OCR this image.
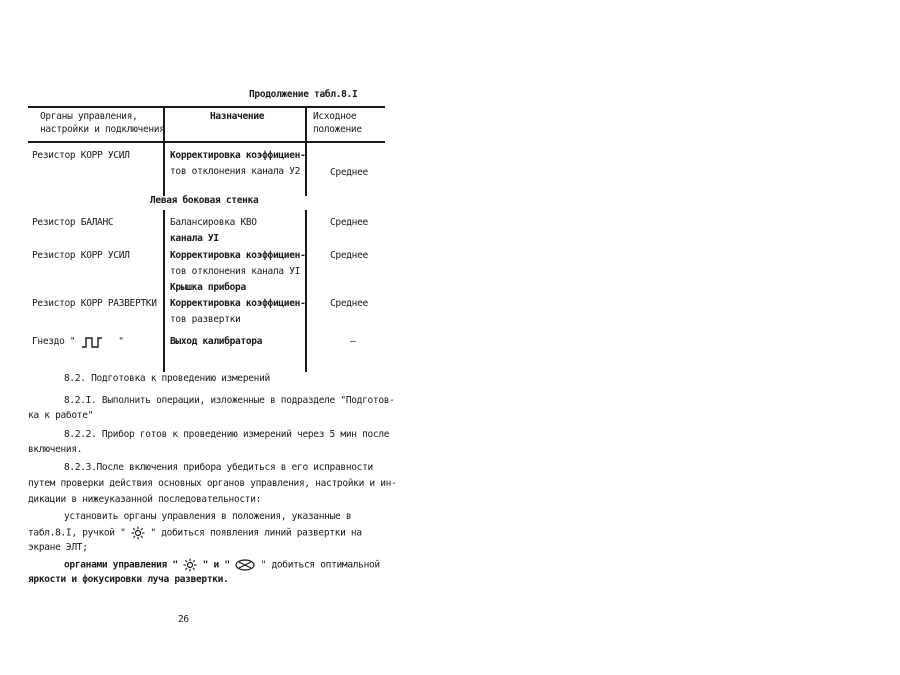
Продолжение табл.8.I
Органы управления,
настройки и подключения
Назначение	Исходное
положение
Резистор КОРР УСИЛ	Корректировка коэффициен-
тов отклонения канала У2	Среднее
Левая боковая стенка
Резистор БАЛАНС	Балансировка КВО
канала УI
Среднее
Резистор КОРР УСИЛ	Корректировка коэффициен-
тов отклонения канала УI
Среднее
Крышка прибора
Резистор КОРР РАЗВЕРТКИ Корректировка коэффициен-
тов развертки
Среднее
Гнездо "	"	Выход калибратора	–
8.2. Подготовка к проведению измерений
8.2.I. Выполнить операции, изложенные в подразделе "Подготов-
ка к работе"
8.2.2. Прибор готов к проведению измерений через 5 мин после
включения.
8.2.3.После включения прибора убедиться в его исправности
путем проверки действия основных органов управления, настройки и ин-
дикации в нижеуказанной последовательности:
установить органы управления в положения, указанные в
табл.8.I, ручкой "	" добиться появления линий развертки на
экране ЭЛТ;
органами управления "	" и "	" добиться оптимальной
яркости и фокусировки луча развертки.
26
